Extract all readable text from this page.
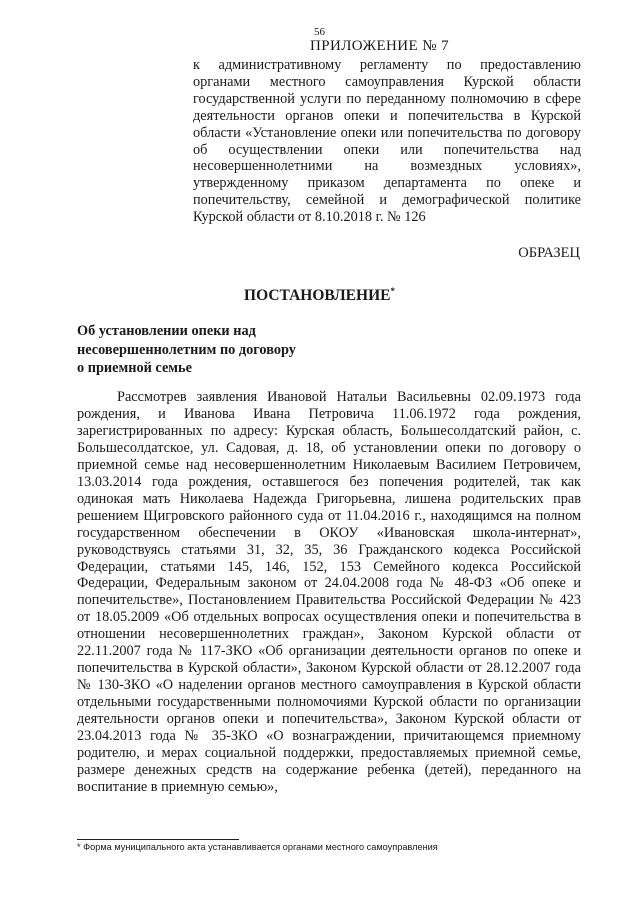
56
ПРИЛОЖЕНИЕ № 7
к административному регламенту по предоставлению органами местного самоуправления Курской области государственной услуги по переданному полномочию в сфере деятельности органов опеки и попечительства в Курской области «Установление опеки или попечительства по договору об осуществлении опеки или попечительства над несовершеннолетними на возмездных условиях», утвержденному приказом департамента по опеке и попечительству, семейной и демографической политике Курской области от 8.10.2018 г. № 126
ОБРАЗЕЦ
ПОСТАНОВЛЕНИЕ*
Об установлении опеки над
несовершеннолетним по договору
о приемной семье
Рассмотрев заявления Ивановой Натальи Васильевны 02.09.1973 года рождения, и Иванова Ивана Петровича 11.06.1972 года рождения, зарегистрированных по адресу: Курская область, Большесолдатский район, с. Большесолдатское, ул. Садовая, д. 18, об установлении опеки по договору о приемной семье над несовершеннолетним Николаевым Василием Петровичем, 13.03.2014 года рождения, оставшегося без попечения родителей, так как одинокая мать Николаева Надежда Григорьевна, лишена родительских прав решением Щигровского районного суда от 11.04.2016 г., находящимся на полном государственном обеспечении в ОКОУ «Ивановская школа-интернат», руководствуясь статьями 31, 32, 35, 36 Гражданского кодекса Российской Федерации, статьями 145, 146, 152, 153 Семейного кодекса Российской Федерации, Федеральным законом от 24.04.2008 года № 48-ФЗ «Об опеке и попечительстве», Постановлением Правительства Российской Федерации № 423 от 18.05.2009 «Об отдельных вопросах осуществления опеки и попечительства в отношении несовершеннолетних граждан», Законом Курской области от 22.11.2007 года № 117-ЗКО «Об организации деятельности органов по опеке и попечительства в Курской области», Законом Курской области от 28.12.2007 года № 130-ЗКО «О наделении органов местного самоуправления в Курской области отдельными государственными полномочиями Курской области по организации деятельности органов опеки и попечительства», Законом Курской области от 23.04.2013 года № 35-ЗКО «О вознаграждении, причитающемся приемному родителю, и мерах социальной поддержки, предоставляемых приемной семье, размере денежных средств на содержание ребенка (детей), переданного на воспитание в приемную семью»,
* Форма муниципального акта устанавливается органами местного самоуправления
